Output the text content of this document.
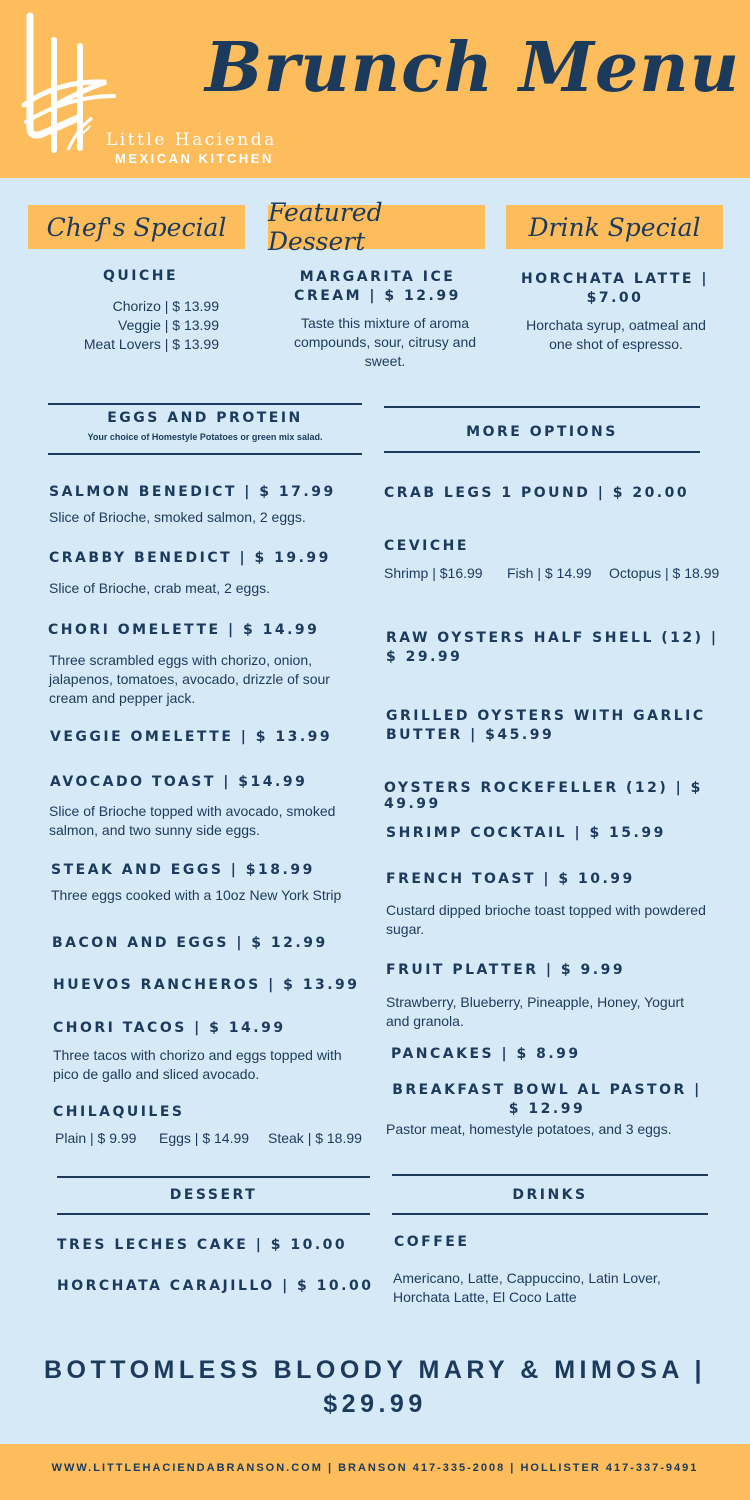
Little Hacienda
MEXICAN KITCHEN
Brunch Menu
Chef's Special	Featured Dessert	Drink Special
QUICHE
Chorizo | $ 13.99
Veggie | $ 13.99
Meat Lovers | $ 13.99
MARGARITA ICE CREAM | $ 12.99
Taste this mixture of aroma compounds, sour, citrusy and sweet.
HORCHATA LATTE | $7.00
Horchata syrup, oatmeal and one shot of espresso.
EGGS AND PROTEIN
Your choice of Homestyle Potatoes or green mix salad.	MORE OPTIONS
SALMON BENEDICT | $ 17.99
Slice of Brioche, smoked salmon, 2 eggs.
CRABBY BENEDICT | $ 19.99
Slice of Brioche, crab meat, 2 eggs.
CHORI OMELETTE | $ 14.99
Three scrambled eggs with chorizo, onion, jalapenos, tomatoes, avocado, drizzle of sour cream and pepper jack.
VEGGIE OMELETTE | $ 13.99
AVOCADO TOAST | $14.99
Slice of Brioche topped with avocado, smoked salmon, and two sunny side eggs.
STEAK AND EGGS | $18.99
Three eggs cooked with a 10oz New York Strip
BACON AND EGGS | $ 12.99
HUEVOS RANCHEROS | $ 13.99
CHORI TACOS | $ 14.99
Three tacos with chorizo and eggs topped with pico de gallo and sliced avocado.
CHILAQUILES
Plain | $ 9.99 Eggs | $ 14.99 Steak | $ 18.99
CRAB LEGS 1 POUND | $ 20.00
CEVICHE
Shrimp | $16.99 Fish | $ 14.99 Octopus | $ 18.99
RAW OYSTERS HALF SHELL (12) | $ 29.99
GRILLED OYSTERS WITH GARLIC BUTTER | $45.99
OYSTERS ROCKEFELLER (12) | $ 49.99
SHRIMP COCKTAIL | $ 15.99
FRENCH TOAST | $ 10.99
Custard dipped brioche toast topped with powdered sugar.
FRUIT PLATTER | $ 9.99
Strawberry, Blueberry, Pineapple, Honey, Yogurt and granola.
PANCAKES | $ 8.99
BREAKFAST BOWL AL PASTOR | $ 12.99
Pastor meat, homestyle potatoes, and 3 eggs.
DESSERT
TRES LECHES CAKE | $ 10.00
HORCHATA CARAJILLO | $ 10.00
DRINKS
COFFEE
Americano, Latte, Cappuccino, Latin Lover, Horchata Latte, El Coco Latte
BOTTOMLESS BLOODY MARY & MIMOSA | $29.99
WWW.LITTLEHACIENDABRANSON.COM | BRANSON 417-335-2008 | HOLLISTER 417-337-9491
